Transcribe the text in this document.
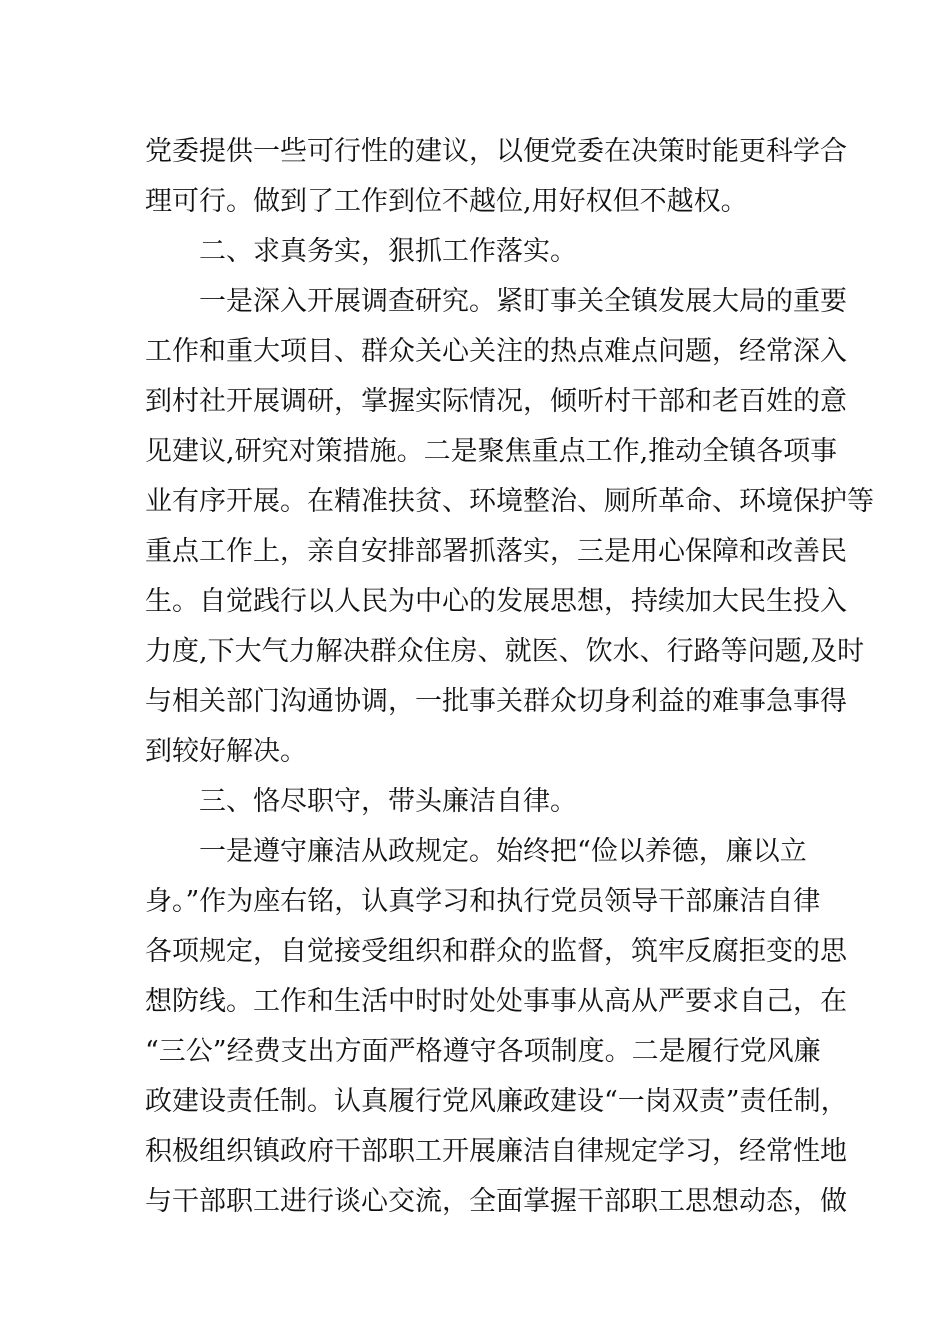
党委提供一些可行性的建议，以便党委在决策时能更科学合
理可行。做到了工作到位不越位,用好权但不越权。
二、求真务实，狠抓工作落实。
一是深入开展调查研究。紧盯事关全镇发展大局的重要
工作和重大项目、群众关心关注的热点难点问题，经常深入
到村社开展调研，掌握实际情况，倾听村干部和老百姓的意
见建议,研究对策措施。二是聚焦重点工作,推动全镇各项事
业有序开展。在精准扶贫、环境整治、厕所革命、环境保护等
重点工作上，亲自安排部署抓落实，三是用心保障和改善民
生。自觉践行以人民为中心的发展思想，持续加大民生投入
力度,下大气力解决群众住房、就医、饮水、行路等问题,及时
与相关部门沟通协调，一批事关群众切身利益的难事急事得
到较好解决。
三、恪尽职守，带头廉洁自律。
一是遵守廉洁从政规定。始终把“俭以养德，廉以立
身。”作为座右铭，认真学习和执行党员领导干部廉洁自律
各项规定，自觉接受组织和群众的监督，筑牢反腐拒变的思
想防线。工作和生活中时时处处事事从高从严要求自己，在
“三公”经费支出方面严格遵守各项制度。二是履行党风廉
政建设责任制。认真履行党风廉政建设“一岗双责”责任制，
积极组织镇政府干部职工开展廉洁自律规定学习，经常性地
与干部职工进行谈心交流，全面掌握干部职工思想动态，做
